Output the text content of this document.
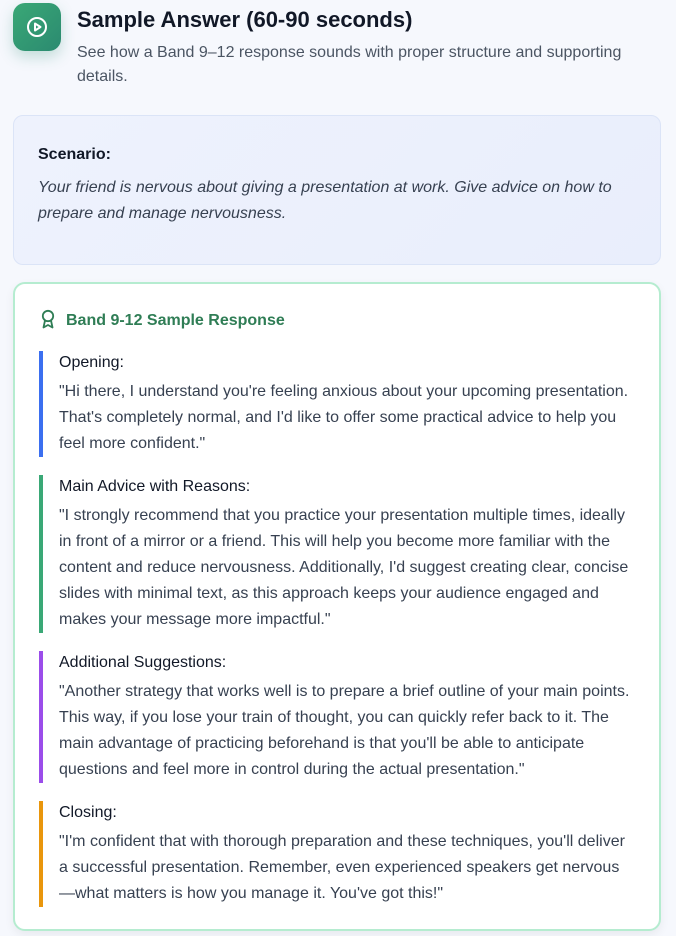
Sample Answer (60-90 seconds)
See how a Band 9–12 response sounds with proper structure and supporting details.
Scenario:
Your friend is nervous about giving a presentation at work. Give advice on how to prepare and manage nervousness.
Band 9-12 Sample Response
Opening:
"Hi there, I understand you're feeling anxious about your upcoming presentation. That's completely normal, and I'd like to offer some practical advice to help you feel more confident."
Main Advice with Reasons:
"I strongly recommend that you practice your presentation multiple times, ideally in front of a mirror or a friend. This will help you become more familiar with the content and reduce nervousness. Additionally, I'd suggest creating clear, concise slides with minimal text, as this approach keeps your audience engaged and makes your message more impactful."
Additional Suggestions:
"Another strategy that works well is to prepare a brief outline of your main points. This way, if you lose your train of thought, you can quickly refer back to it. The main advantage of practicing beforehand is that you'll be able to anticipate questions and feel more in control during the actual presentation."
Closing:
"I'm confident that with thorough preparation and these techniques, you'll deliver a successful presentation. Remember, even experienced speakers get nervous—what matters is how you manage it. You've got this!"
